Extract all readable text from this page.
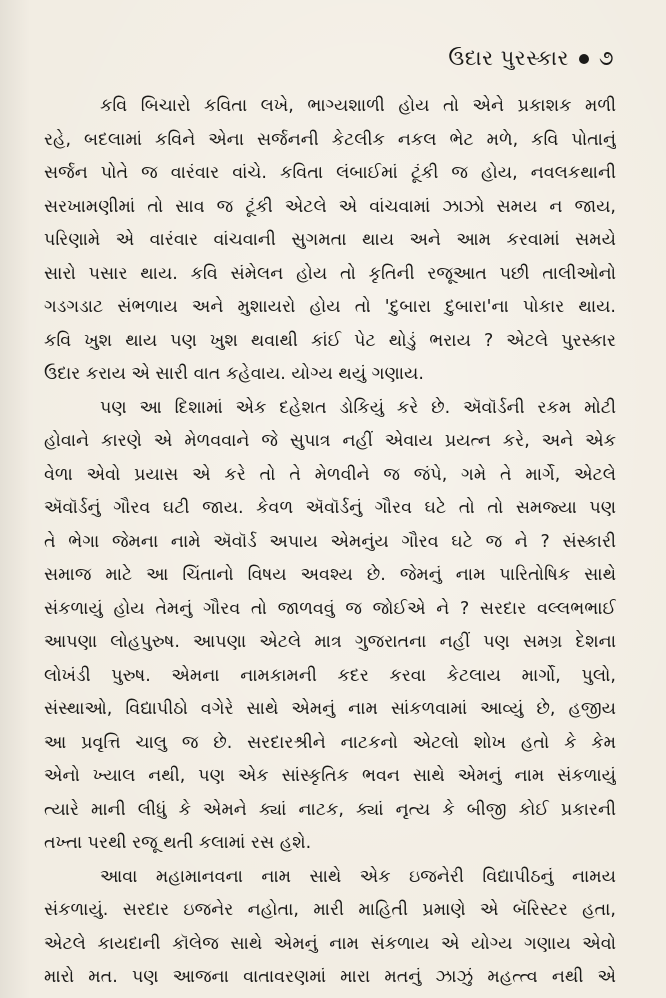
ઉદાર પુરસ્કાર ૭
કવિ બિચારો કવિતા લખે, ભાગ્યશાળી હોય તો એને પ્રકાશક મળી
રહે, બદલામાં કવિને એના સર્જનની કેટલીક નકલ ભેટ મળે, કવિ પોતાનું
સર્જન પોતે જ વારંવાર વાંચે. કવિતા લંબાઈમાં ટૂંકી જ હોય, નવલકથાની
સરખામણીમાં તો સાવ જ ટૂંકી એટલે એ વાંચવામાં ઝાઝો સમય ન જાય,
પરિણામે એ વારંવાર વાંચવાની સુગમતા થાય અને આમ કરવામાં સમયે
સારો પસાર થાય. કવિ સંમેલન હોય તો કૃતિની રજૂઆત પછી તાલીઓનો
ગડગડાટ સંભળાય અને મુશાયરો હોય તો 'દુબારા દુબારા'ના પોકાર થાય.
કવિ ખુશ થાય પણ ખુશ થવાથી કાંઈ પેટ થોડું ભરાય ? એટલે પુરસ્કાર
ઉદાર કરાય એ સારી વાત કહેવાય. યોગ્ય થયું ગણાય.
પણ આ દિશામાં એક દહેશત ડોકિયું કરે છે. ઍવૉર્ડની રકમ મોટી
હોવાને કારણે એ મેળવવાને જે સુપાત્ર નહીં એવાય પ્રયત્ન કરે, અને એક
વેળા એવો પ્રયાસ એ કરે તો તે મેળવીને જ જંપે, ગમે તે માર્ગે, એટલે
ઍવૉર્ડનું ગૌરવ ઘટી જાય. કેવળ ઍવૉર્ડનું ગૌરવ ઘટે તો તો સમજ્યા પણ
તે ભેગા જેમના નામે ઍવૉર્ડ અપાય એમનુંય ગૌરવ ઘટે જ ને ? સંસ્કારી
સમાજ માટે આ ચિંતાનો વિષય અવશ્ય છે. જેમનું નામ પારિતોષિક સાથે
સંકળાયું હોય તેમનું ગૌરવ તો જાળવવું જ જોઈએ ને ? સરદાર વલ્લભભાઈ
આપણા લોહપુરુષ. આપણા એટલે માત્ર ગુજરાતના નહીં પણ સમગ્ર દેશના
લોખંડી પુરુષ. એમના નામકામની કદર કરવા કેટલાય માર્ગો, પુલો,
સંસ્થાઓ, વિદ્યાપીઠો વગેરે સાથે એમનું નામ સાંકળવામાં આવ્યું છે, હજીય
આ પ્રવૃત્તિ ચાલુ જ છે. સરદારશ્રીને નાટકનો એટલો શોખ હતો કે કેમ
એનો ખ્યાલ નથી, પણ એક સાંસ્કૃતિક ભવન સાથે એમનું નામ સંકળાયું
ત્યારે માની લીધું કે એમને ક્યાં નાટક, ક્યાં નૃત્ય કે બીજી કોઈ પ્રકારની
તખ્તા પરથી રજૂ થતી કલામાં રસ હશે.
આવા મહામાનવના નામ સાથે એક ઇજનેરી વિદ્યાપીઠનું નામય
સંકળાયું. સરદાર ઇજનેર નહોતા, મારી માહિતી પ્રમાણે એ બૅરિસ્ટર હતા,
એટલે કાયદાની કૉલેજ સાથે એમનું નામ સંકળાય એ યોગ્ય ગણાય એવો
મારો મત. પણ આજના વાતાવરણમાં મારા મતનું ઝાઝું મહત્ત્વ નથી એ
